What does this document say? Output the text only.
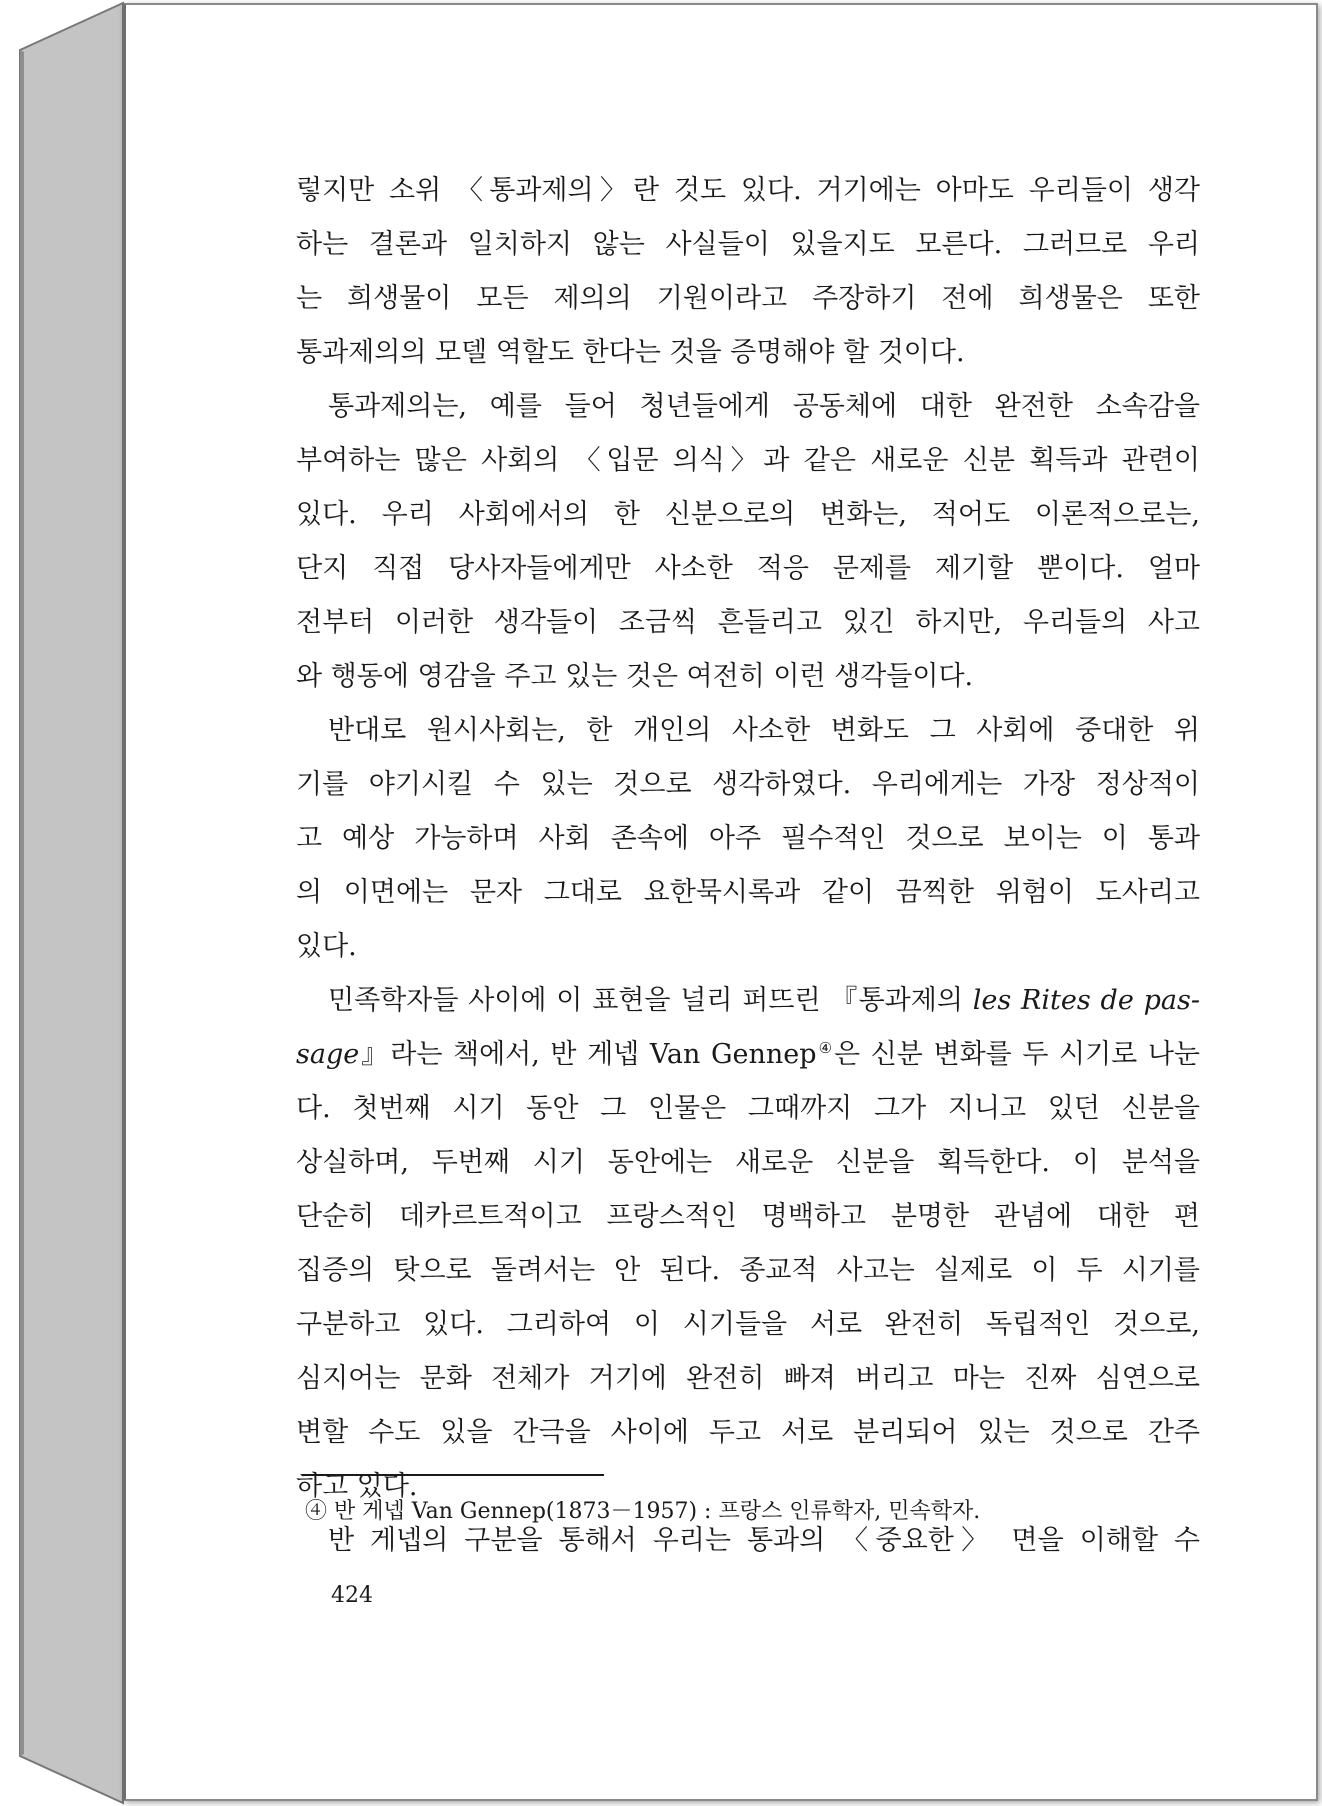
렇지만 소위 〈통과제의〉란 것도 있다. 거기에는 아마도 우리들이 생각
하는 결론과 일치하지 않는 사실들이 있을지도 모른다. 그러므로 우리
는 희생물이 모든 제의의 기원이라고 주장하기 전에 희생물은 또한
통과제의의 모델 역할도 한다는 것을 증명해야 할 것이다.
통과제의는, 예를 들어 청년들에게 공동체에 대한 완전한 소속감을
부여하는 많은 사회의 〈입문 의식〉과 같은 새로운 신분 획득과 관련이
있다. 우리 사회에서의 한 신분으로의 변화는, 적어도 이론적으로는,
단지 직접 당사자들에게만 사소한 적응 문제를 제기할 뿐이다. 얼마
전부터 이러한 생각들이 조금씩 흔들리고 있긴 하지만, 우리들의 사고
와 행동에 영감을 주고 있는 것은 여전히 이런 생각들이다.
반대로 원시사회는, 한 개인의 사소한 변화도 그 사회에 중대한 위
기를 야기시킬 수 있는 것으로 생각하였다. 우리에게는 가장 정상적이
고 예상 가능하며 사회 존속에 아주 필수적인 것으로 보이는 이 통과
의 이면에는 문자 그대로 요한묵시록과 같이 끔찍한 위험이 도사리고
있다.
민족학자들 사이에 이 표현을 널리 퍼뜨린 『통과제의 les Rites de pas-
sage』라는 책에서, 반 게넵 Van Gennep④은 신분 변화를 두 시기로 나눈
다. 첫번째 시기 동안 그 인물은 그때까지 그가 지니고 있던 신분을
상실하며, 두번째 시기 동안에는 새로운 신분을 획득한다. 이 분석을
단순히 데카르트적이고 프랑스적인 명백하고 분명한 관념에 대한 편
집증의 탓으로 돌려서는 안 된다. 종교적 사고는 실제로 이 두 시기를
구분하고 있다. 그리하여 이 시기들을 서로 완전히 독립적인 것으로,
심지어는 문화 전체가 거기에 완전히 빠져 버리고 마는 진짜 심연으로
변할 수도 있을 간극을 사이에 두고 서로 분리되어 있는 것으로 간주
하고 있다.
반 게넵의 구분을 통해서 우리는 통과의 〈중요한〉 면을 이해할 수
④ 반 게넵 Van Gennep(1873－1957) : 프랑스 인류학자, 민속학자.
424
